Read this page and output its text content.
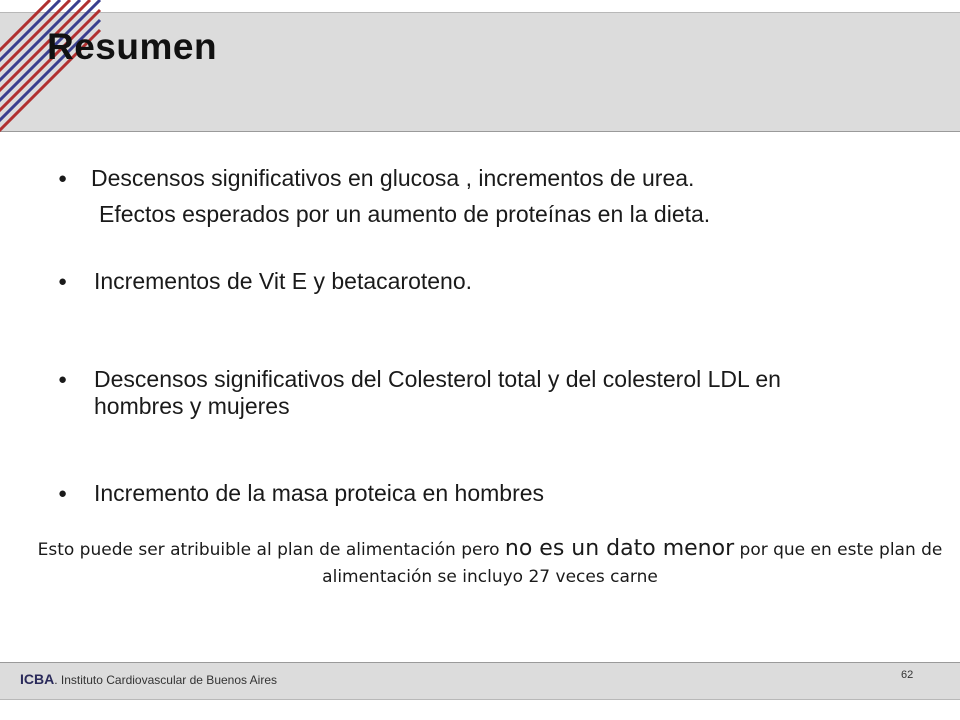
Resumen
● Descensos significativos en glucosa , incrementos de urea.
● Incrementos de Vit E y betacaroteno.
● Descensos significativos del Colesterol total y del colesterol LDL en hombres y mujeres
● Incremento de la masa proteica en hombres
Efectos esperados por un aumento de proteínas en la dieta.
Esto puede ser atribuible al plan de alimentación pero no es un dato menor por que en este plan de alimentación se incluyo 27 veces carne
ICBA. Instituto Cardiovascular de Buenos Aires	62
